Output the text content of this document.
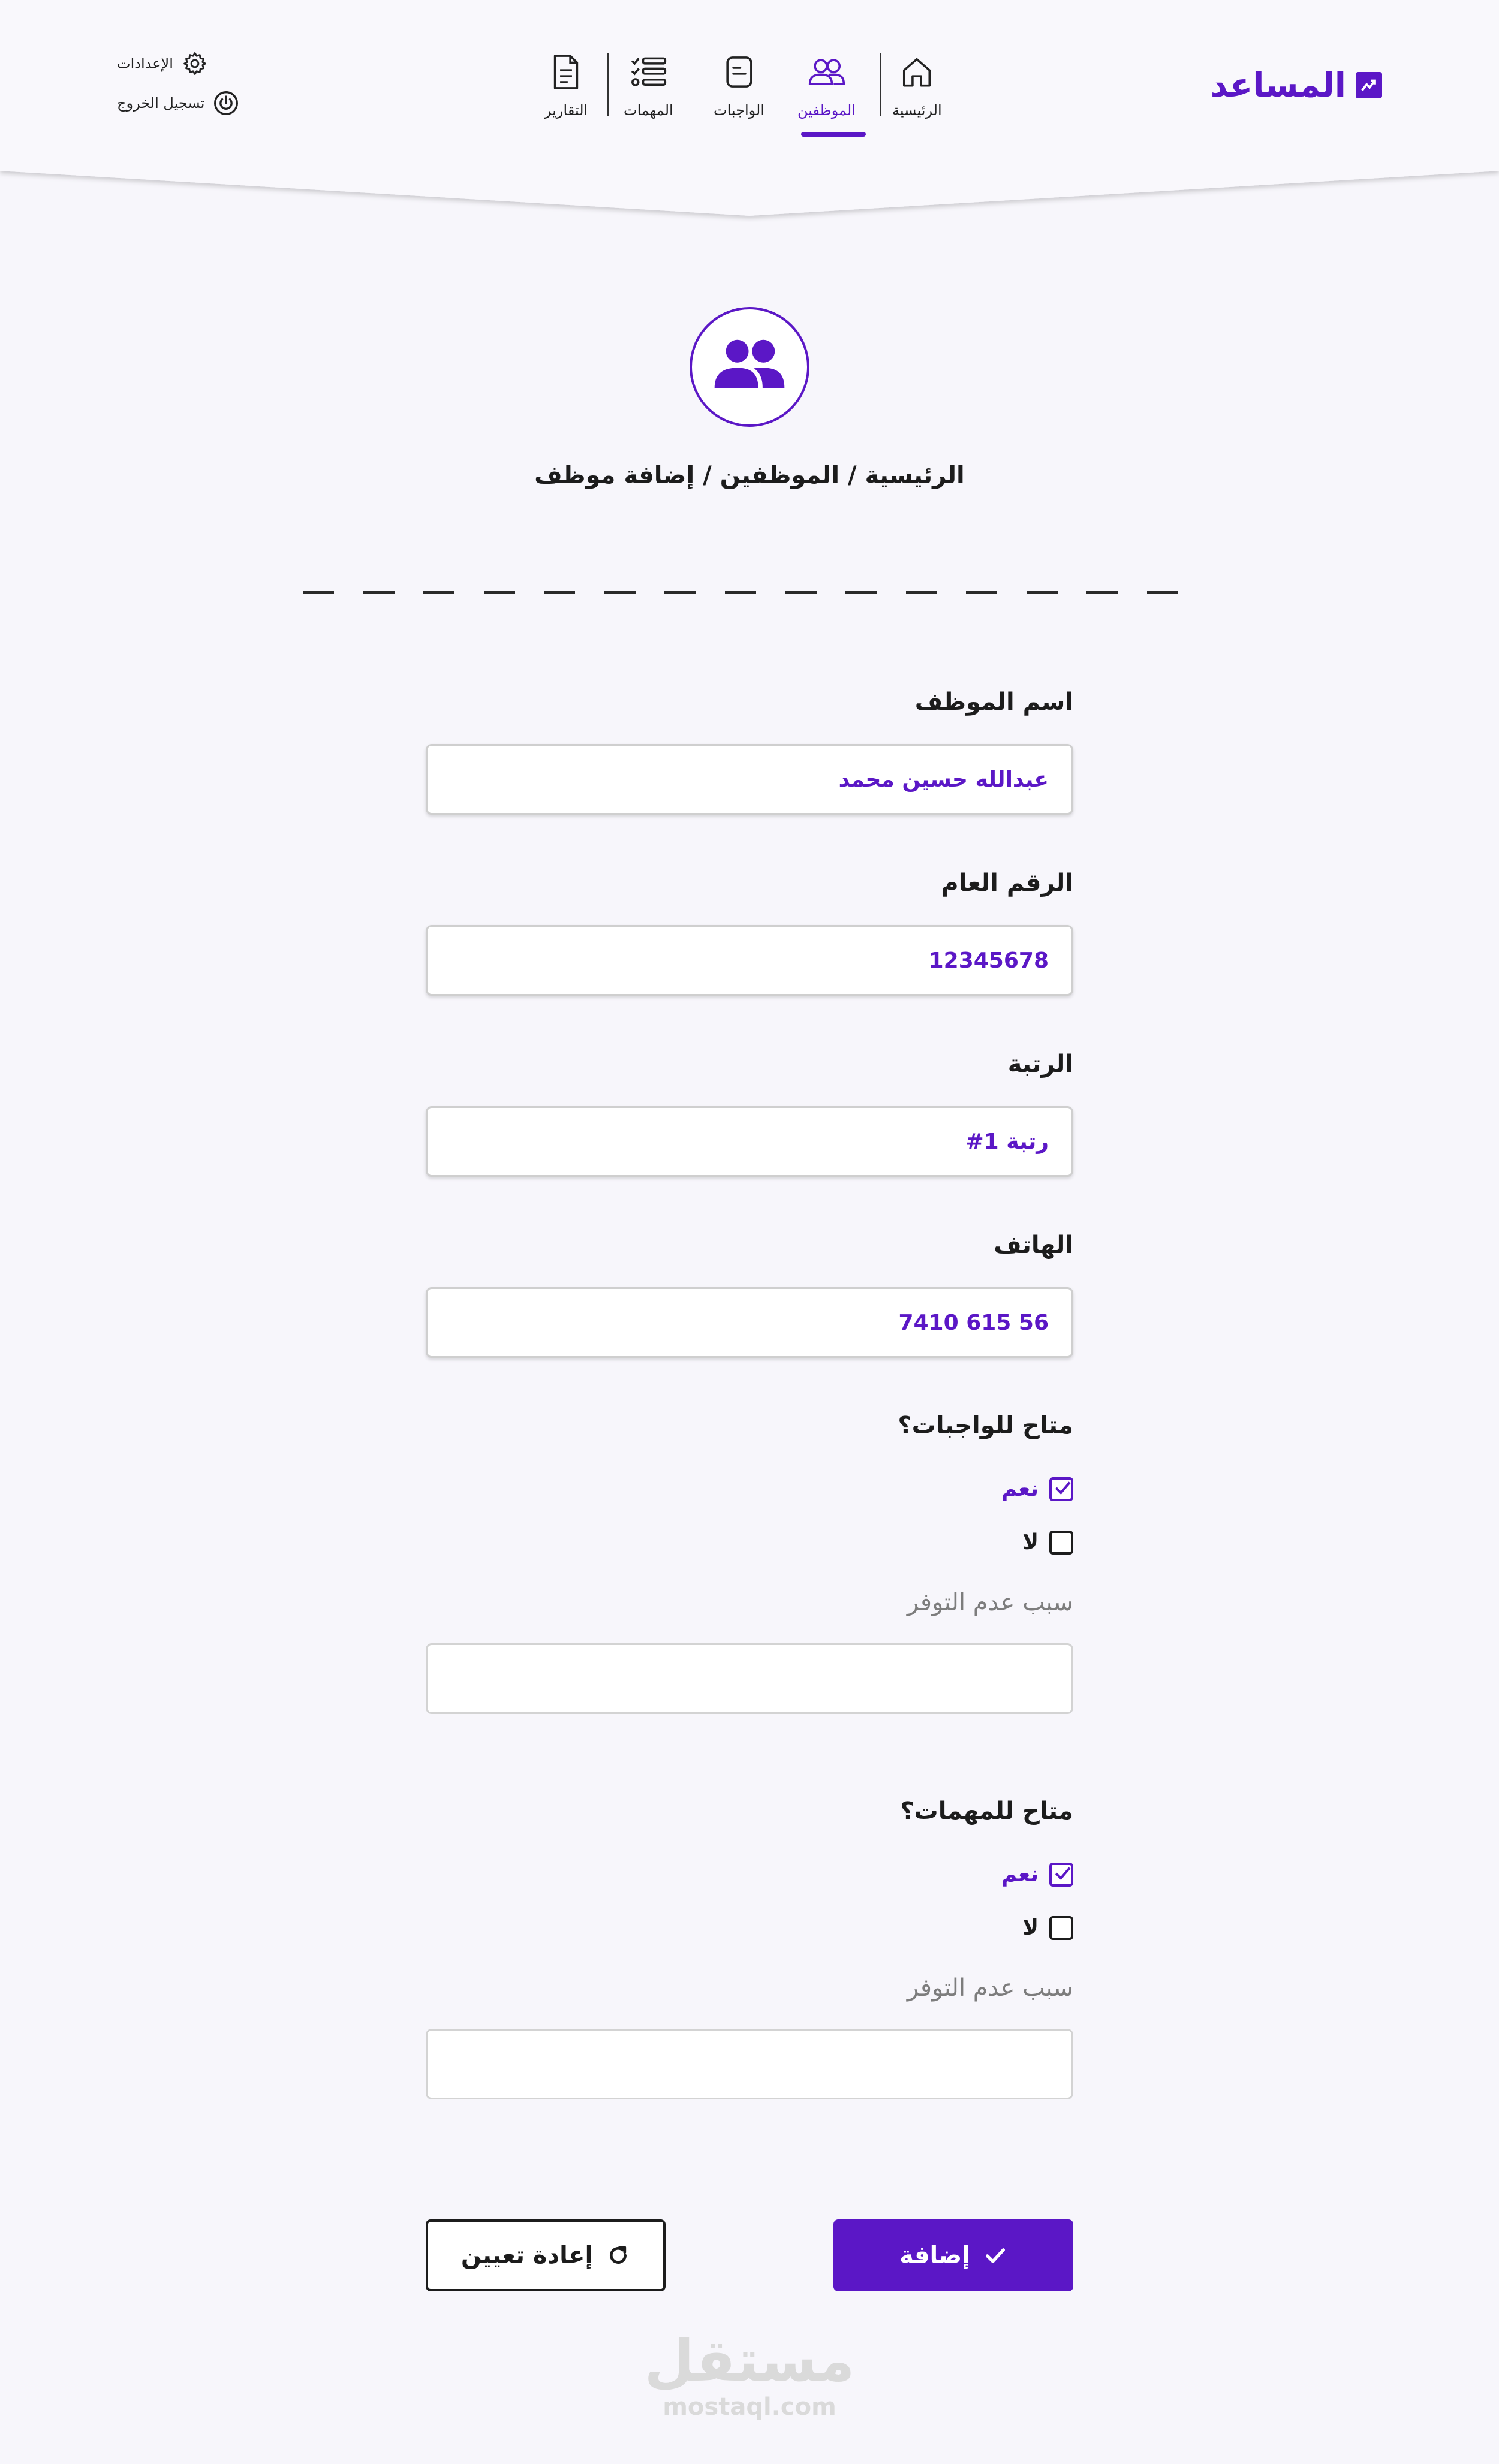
المساعد
الرئيسية
الموظفين
الواجبات
المهمات
التقارير
الإعدادات
تسجيل الخروج
الرئيسية / الموظفين / إضافة موظف
اسم الموظف
عبدالله حسين محمد
الرقم العام
12345678
الرتبة
رتبة 1#
الهاتف
56 615 7410
متاح للواجبات؟
نعم
لا
سبب عدم التوفر
متاح للمهمات؟
نعم
لا
سبب عدم التوفر
إضافة
إعادة تعيين
مستقل
mostaql.com
